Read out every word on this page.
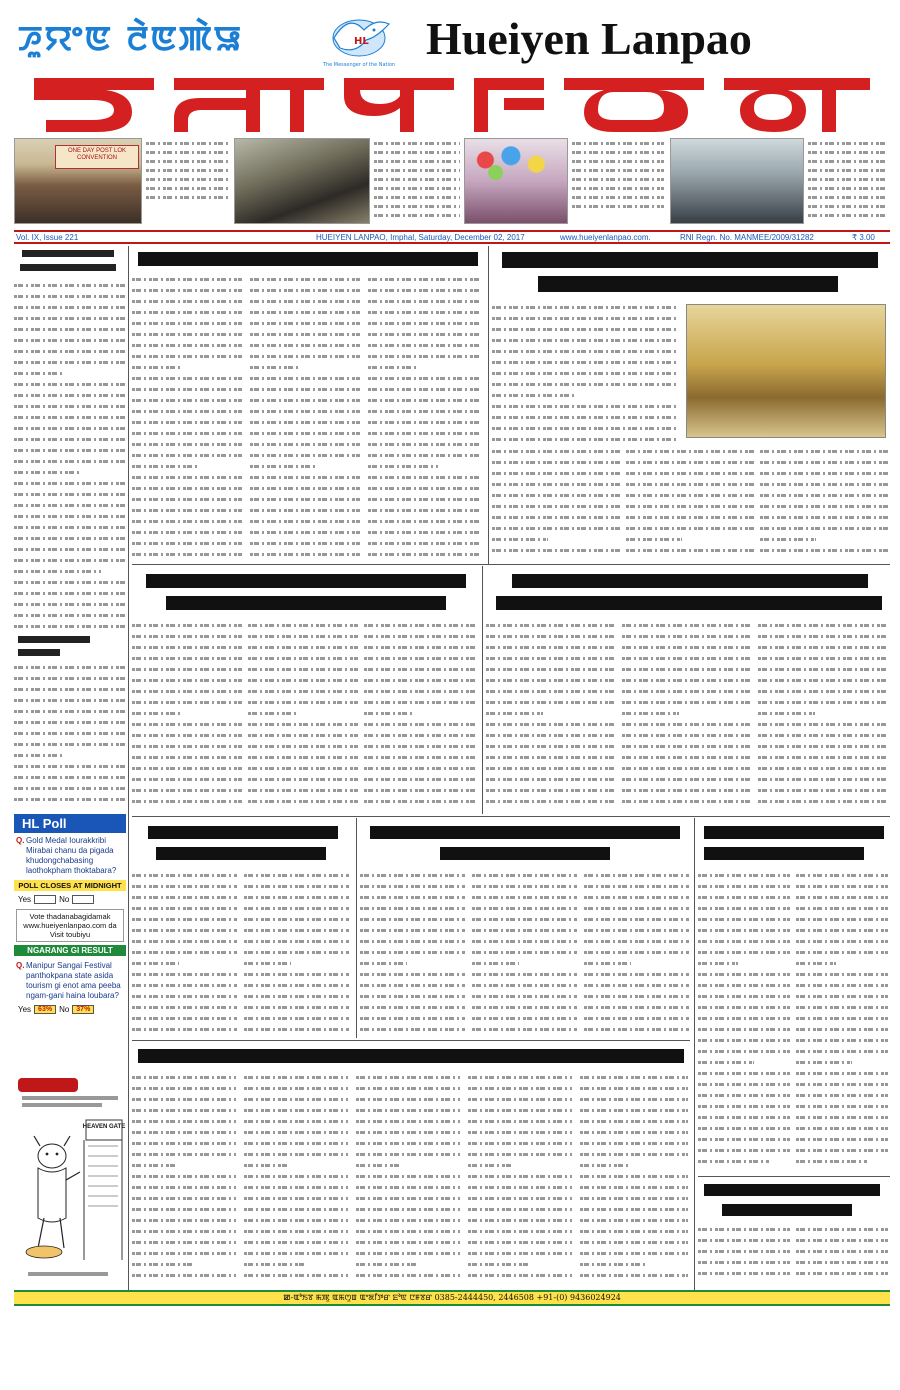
ꯍꯨꯌꯦꯟ ꯂꯥꯟꯄꯥꯎ	HL
The Messenger of the Nation
Hueiyen Lanpao
ONE DAY POST LOK CONVENTION
Vol. IX, Issue 221	HUEIYEN LANPAO, Imphal, Saturday, December 02, 2017	www.hueiyenlanpao.com.	RNI Regn. No. MANMEE/2009/31282	₹ 3.00
HL Poll
Q. Gold Medal Iourakkribi Mirabai chanu da pigada khudongchabasing laothokpham thoktabara?
POLL CLOSES AT MIDNIGHT
Yes	No
Vote thadanabagidamak www.hueiyenlanpao.com da Visit toubiyu
NGARANG GI RESULT
Q. Manipur Sangai Festival panthokpana state asida tourism gi enot ama peeba ngam-gani haina loubara?
Yes 63% No 37%
HEAVEN GATE
ꯀ-ꯑꯣꯏꯕ ꯃꯄꯨ ꯑꯃꯁꯨꯡ ꯑꯦꯗꯤꯇꯔ ꯐꯣꯟ ꯅꯝꯕꯔ 0385-2444450, 2446508 +91-(0) 9436024924
